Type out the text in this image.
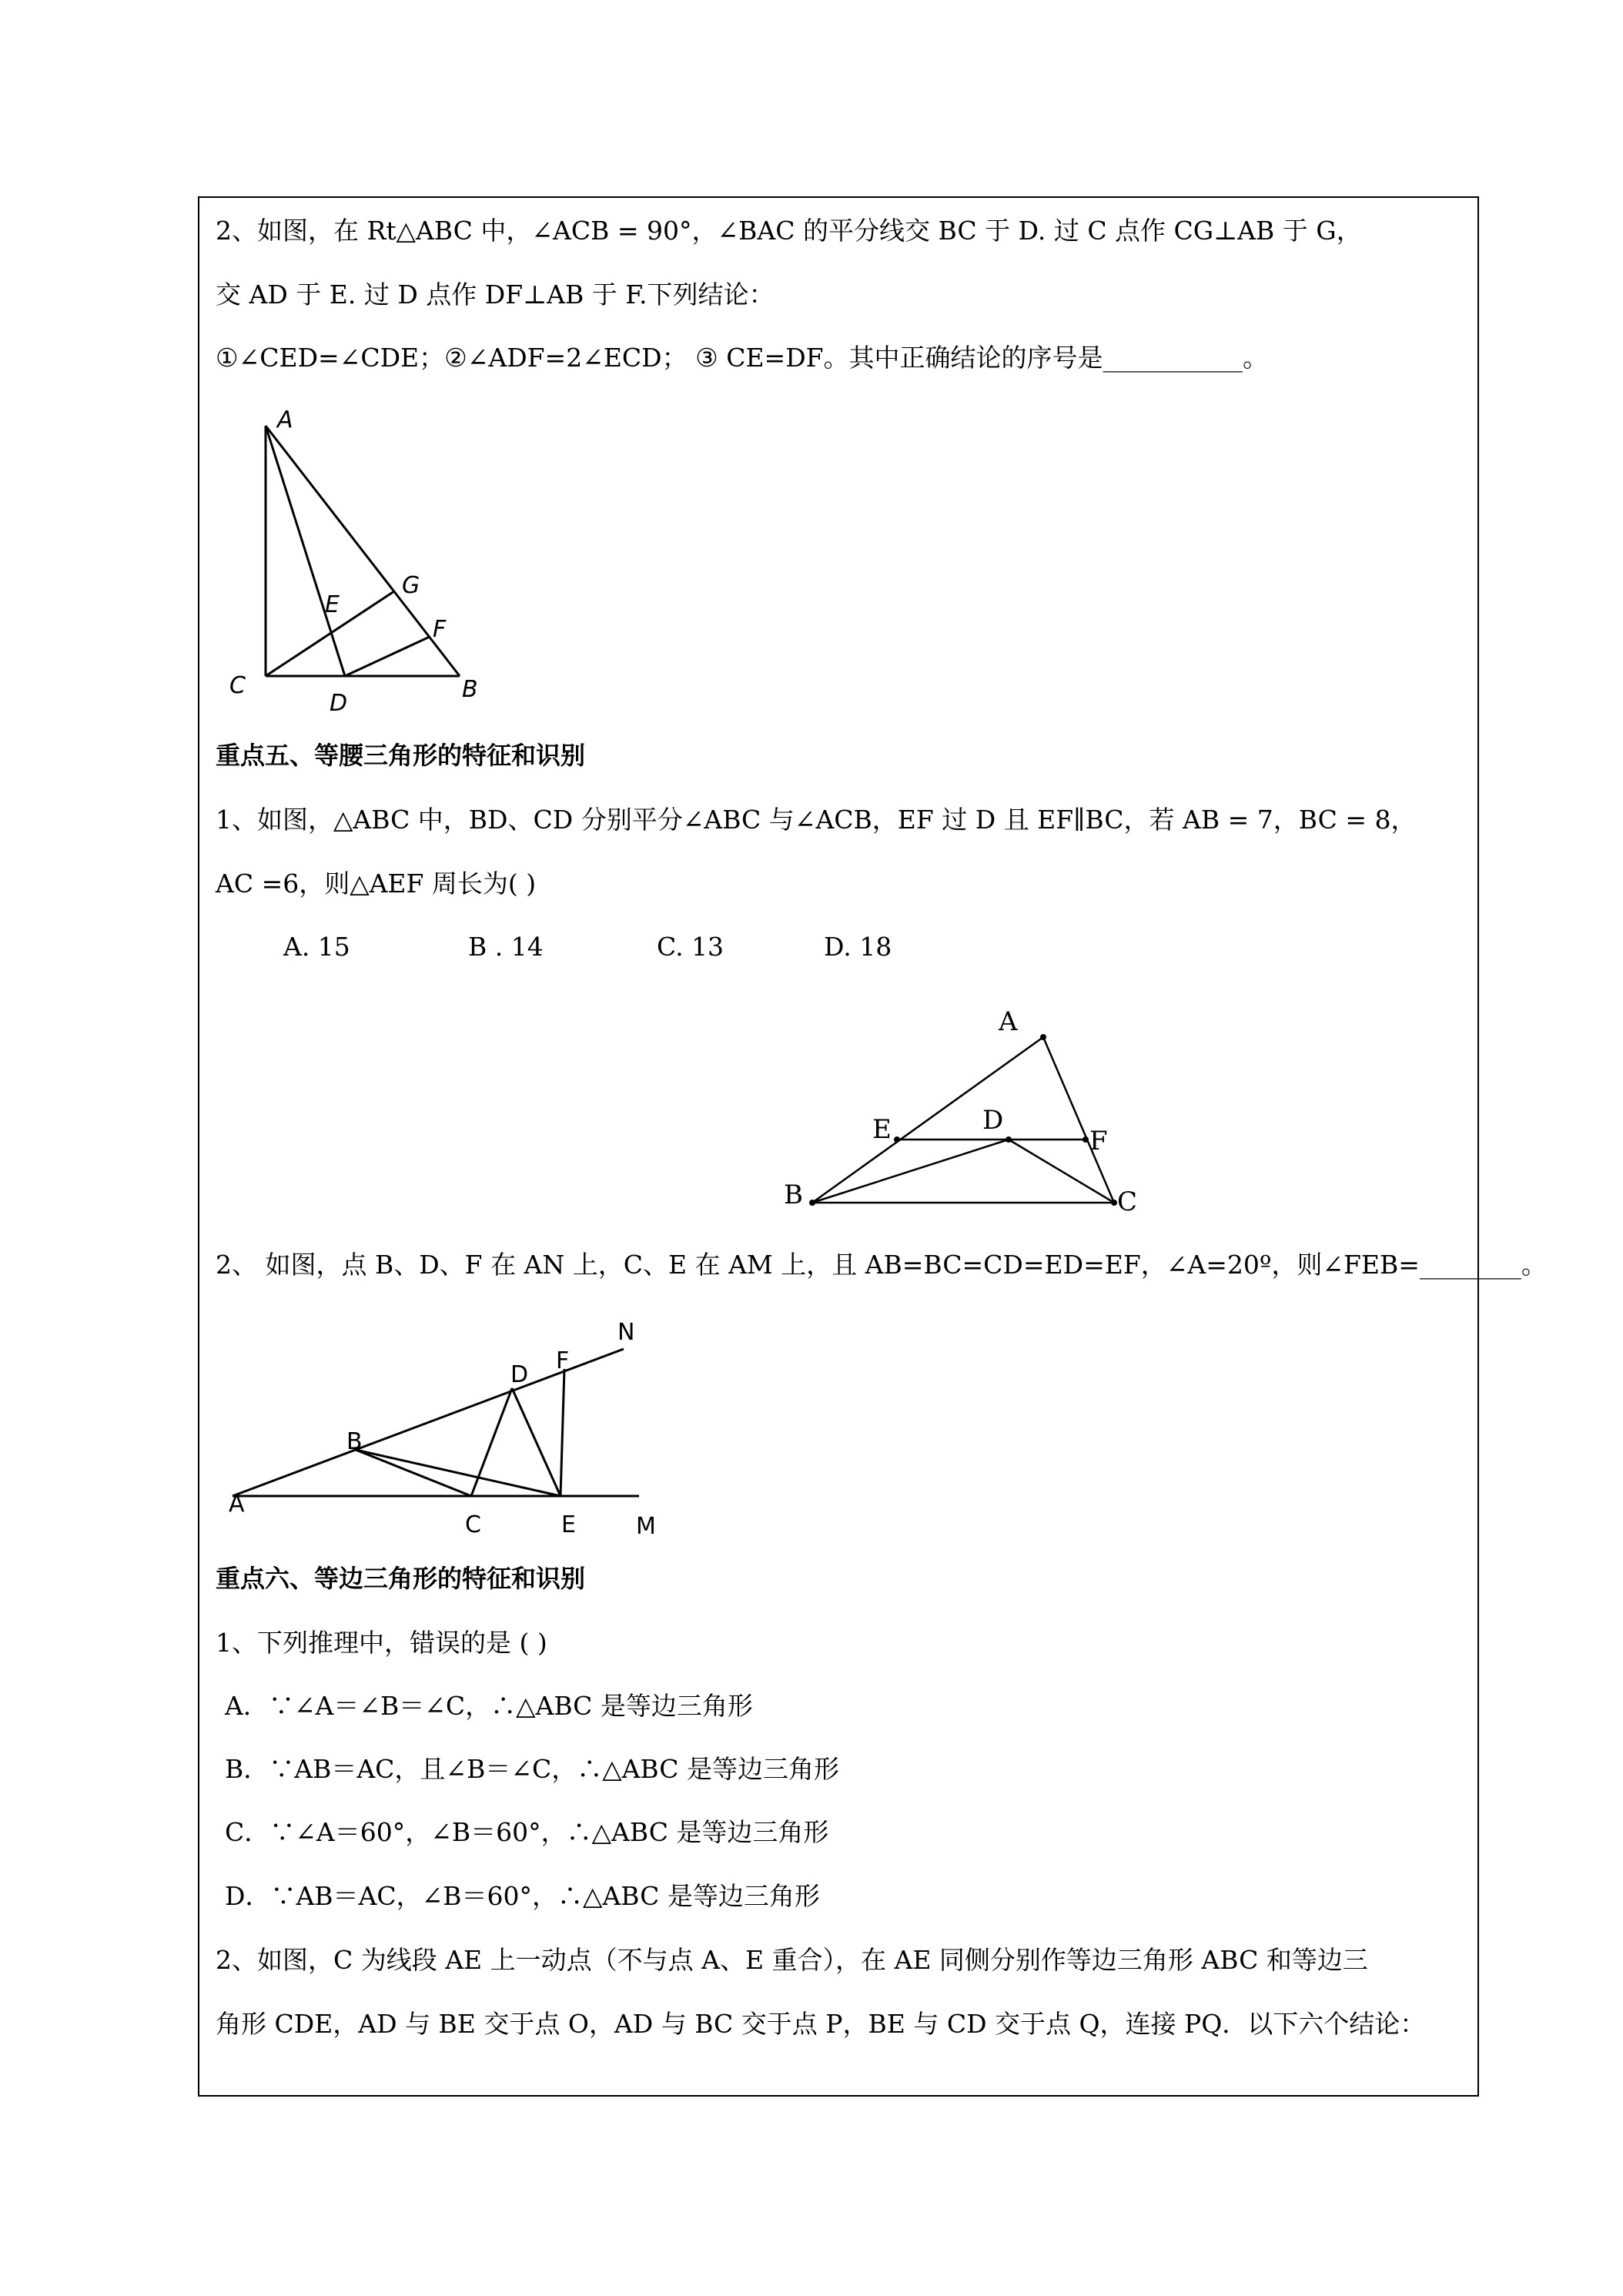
2、如图，在 Rt△ABC 中，∠ACB = 90°，∠BAC 的平分线交 BC 于 D. 过 C 点作 CG⊥AB 于 G，
交 AD 于 E. 过 D 点作 DF⊥AB 于 F.下列结论：
①∠CED=∠CDE；②∠ADF=2∠ECD； ③ CE=DF。其中正确结论的序号是___________。
A
G
E
F
C
D
B
重点五、等腰三角形的特征和识别
1、如图，△ABC 中，BD、CD 分别平分∠ABC 与∠ACB，EF 过 D 且 EF∥BC，若 AB = 7，BC = 8，
AC =6，则△AEF 周长为( )
A. 15	B . 14	C. 13	D. 18
A
E	D
F
B	C
2、 如图，点 B、D、F 在 AN 上，C、E 在 AM 上，且 AB=BC=CD=ED=EF，∠A=20º，则∠FEB=________。
N
D
F
B
A
C	E	M
重点六、等边三角形的特征和识别
1、下列推理中，错误的是 ( )
A．∵∠A＝∠B＝∠C，∴△ABC 是等边三角形
B．∵AB＝AC，且∠B＝∠C，∴△ABC 是等边三角形
C．∵∠A＝60°，∠B＝60°，∴△ABC 是等边三角形
D．∵AB＝AC，∠B＝60°，∴△ABC 是等边三角形
2、如图，C 为线段 AE 上一动点（不与点 A、E 重合），在 AE 同侧分别作等边三角形 ABC 和等边三
角形 CDE，AD 与 BE 交于点 O，AD 与 BC 交于点 P，BE 与 CD 交于点 Q，连接 PQ．以下六个结论：
